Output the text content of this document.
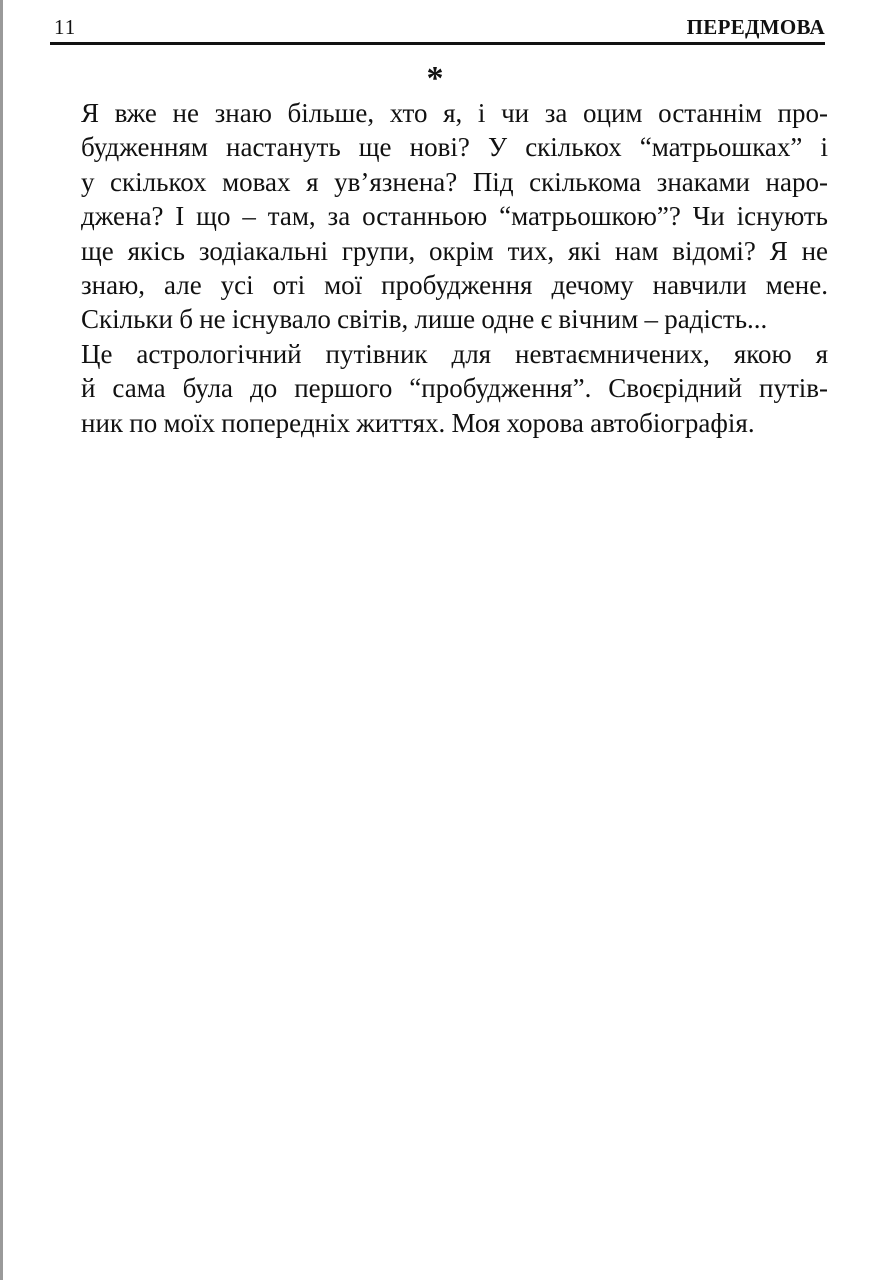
11	ПЕРЕДМОВА
*

Я вже не знаю більше, хто я, і чи за оцим останнім про-
будженням настануть ще нові? У скількох “матрьошках” і
у скількох мовах я ув’язнена? Під скількома знаками наро-
джена? І що – там, за останньою “матрьошкою”? Чи існують
ще якісь зодіакальні групи, окрім тих, які нам відомі? Я не
знаю, але усі оті мої пробудження дечому навчили мене.
Скільки б не існувало світів, лише одне є вічним – радість...

Це астрологічний путівник для невтаємничених, якою я
й сама була до першого “пробудження”. Своєрідний путів-
ник по моїх попередніх життях. Моя хорова автобіографія.
